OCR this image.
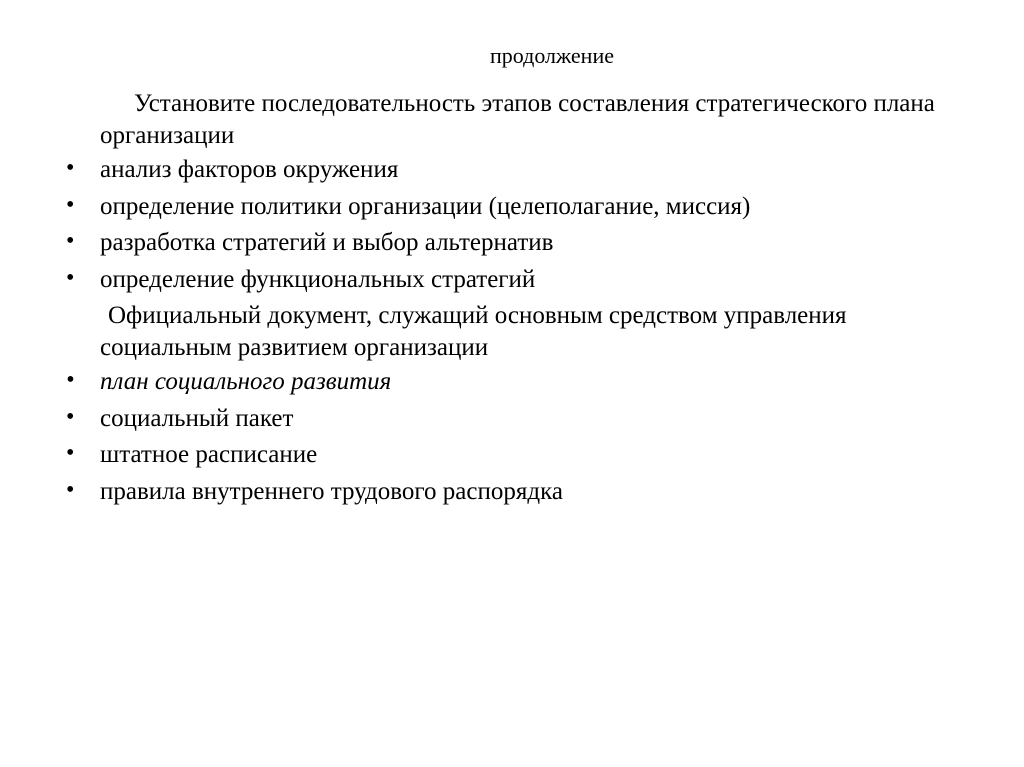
продолжение

Установите последовательность этапов составления стратегического плана организации

• анализ факторов окружения
• определение политики организации (целеполагание, миссия)
• разработка стратегий и выбор альтернатив
• определение функциональных стратегий

Официальный документ, служащий основным средством управления социальным развитием организации

• план социального развития
• социальный пакет
• штатное расписание
• правила внутреннего трудового распорядка
